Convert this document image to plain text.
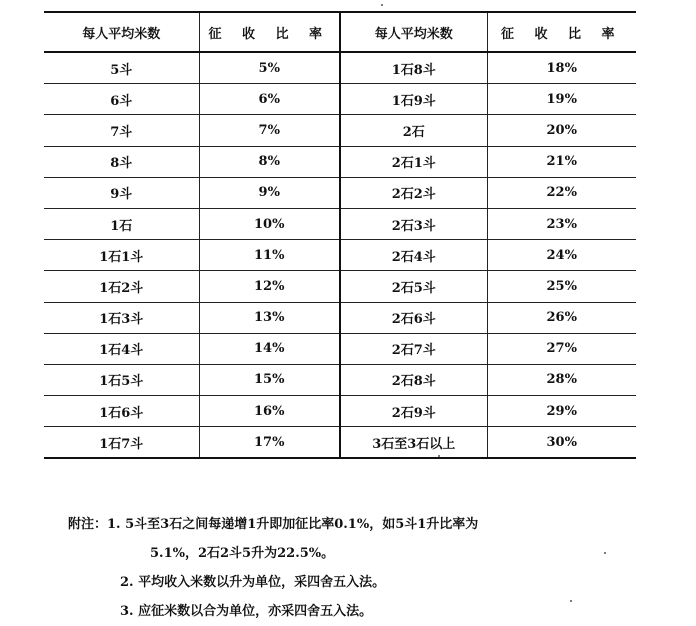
每人平均米数	征 收 比 率	每人平均米数	征 收 比 率
5斗	5%	1石8斗	18%
6斗	6%	1石9斗	19%
7斗	7%	2石	20%
8斗	8%	2石1斗	21%
9斗	9%	2石2斗	22%
1石	10%	2石3斗	23%
1石1斗	11%	2石4斗	24%
1石2斗	12%	2石5斗	25%
1石3斗	13%	2石6斗	26%
1石4斗	14%	2石7斗	27%
1石5斗	15%	2石8斗	28%
1石6斗	16%	2石9斗	29%
1石7斗	17%	3石至3石以上	30%
附注：1. 5斗至3石之间每递增1升即加征比率0.1%，如5斗1升比率为
5.1%，2石2斗5升为22.5%。
2. 平均收入米数以升为单位，采四舍五入法。
3. 应征米数以合为单位，亦采四舍五入法。
